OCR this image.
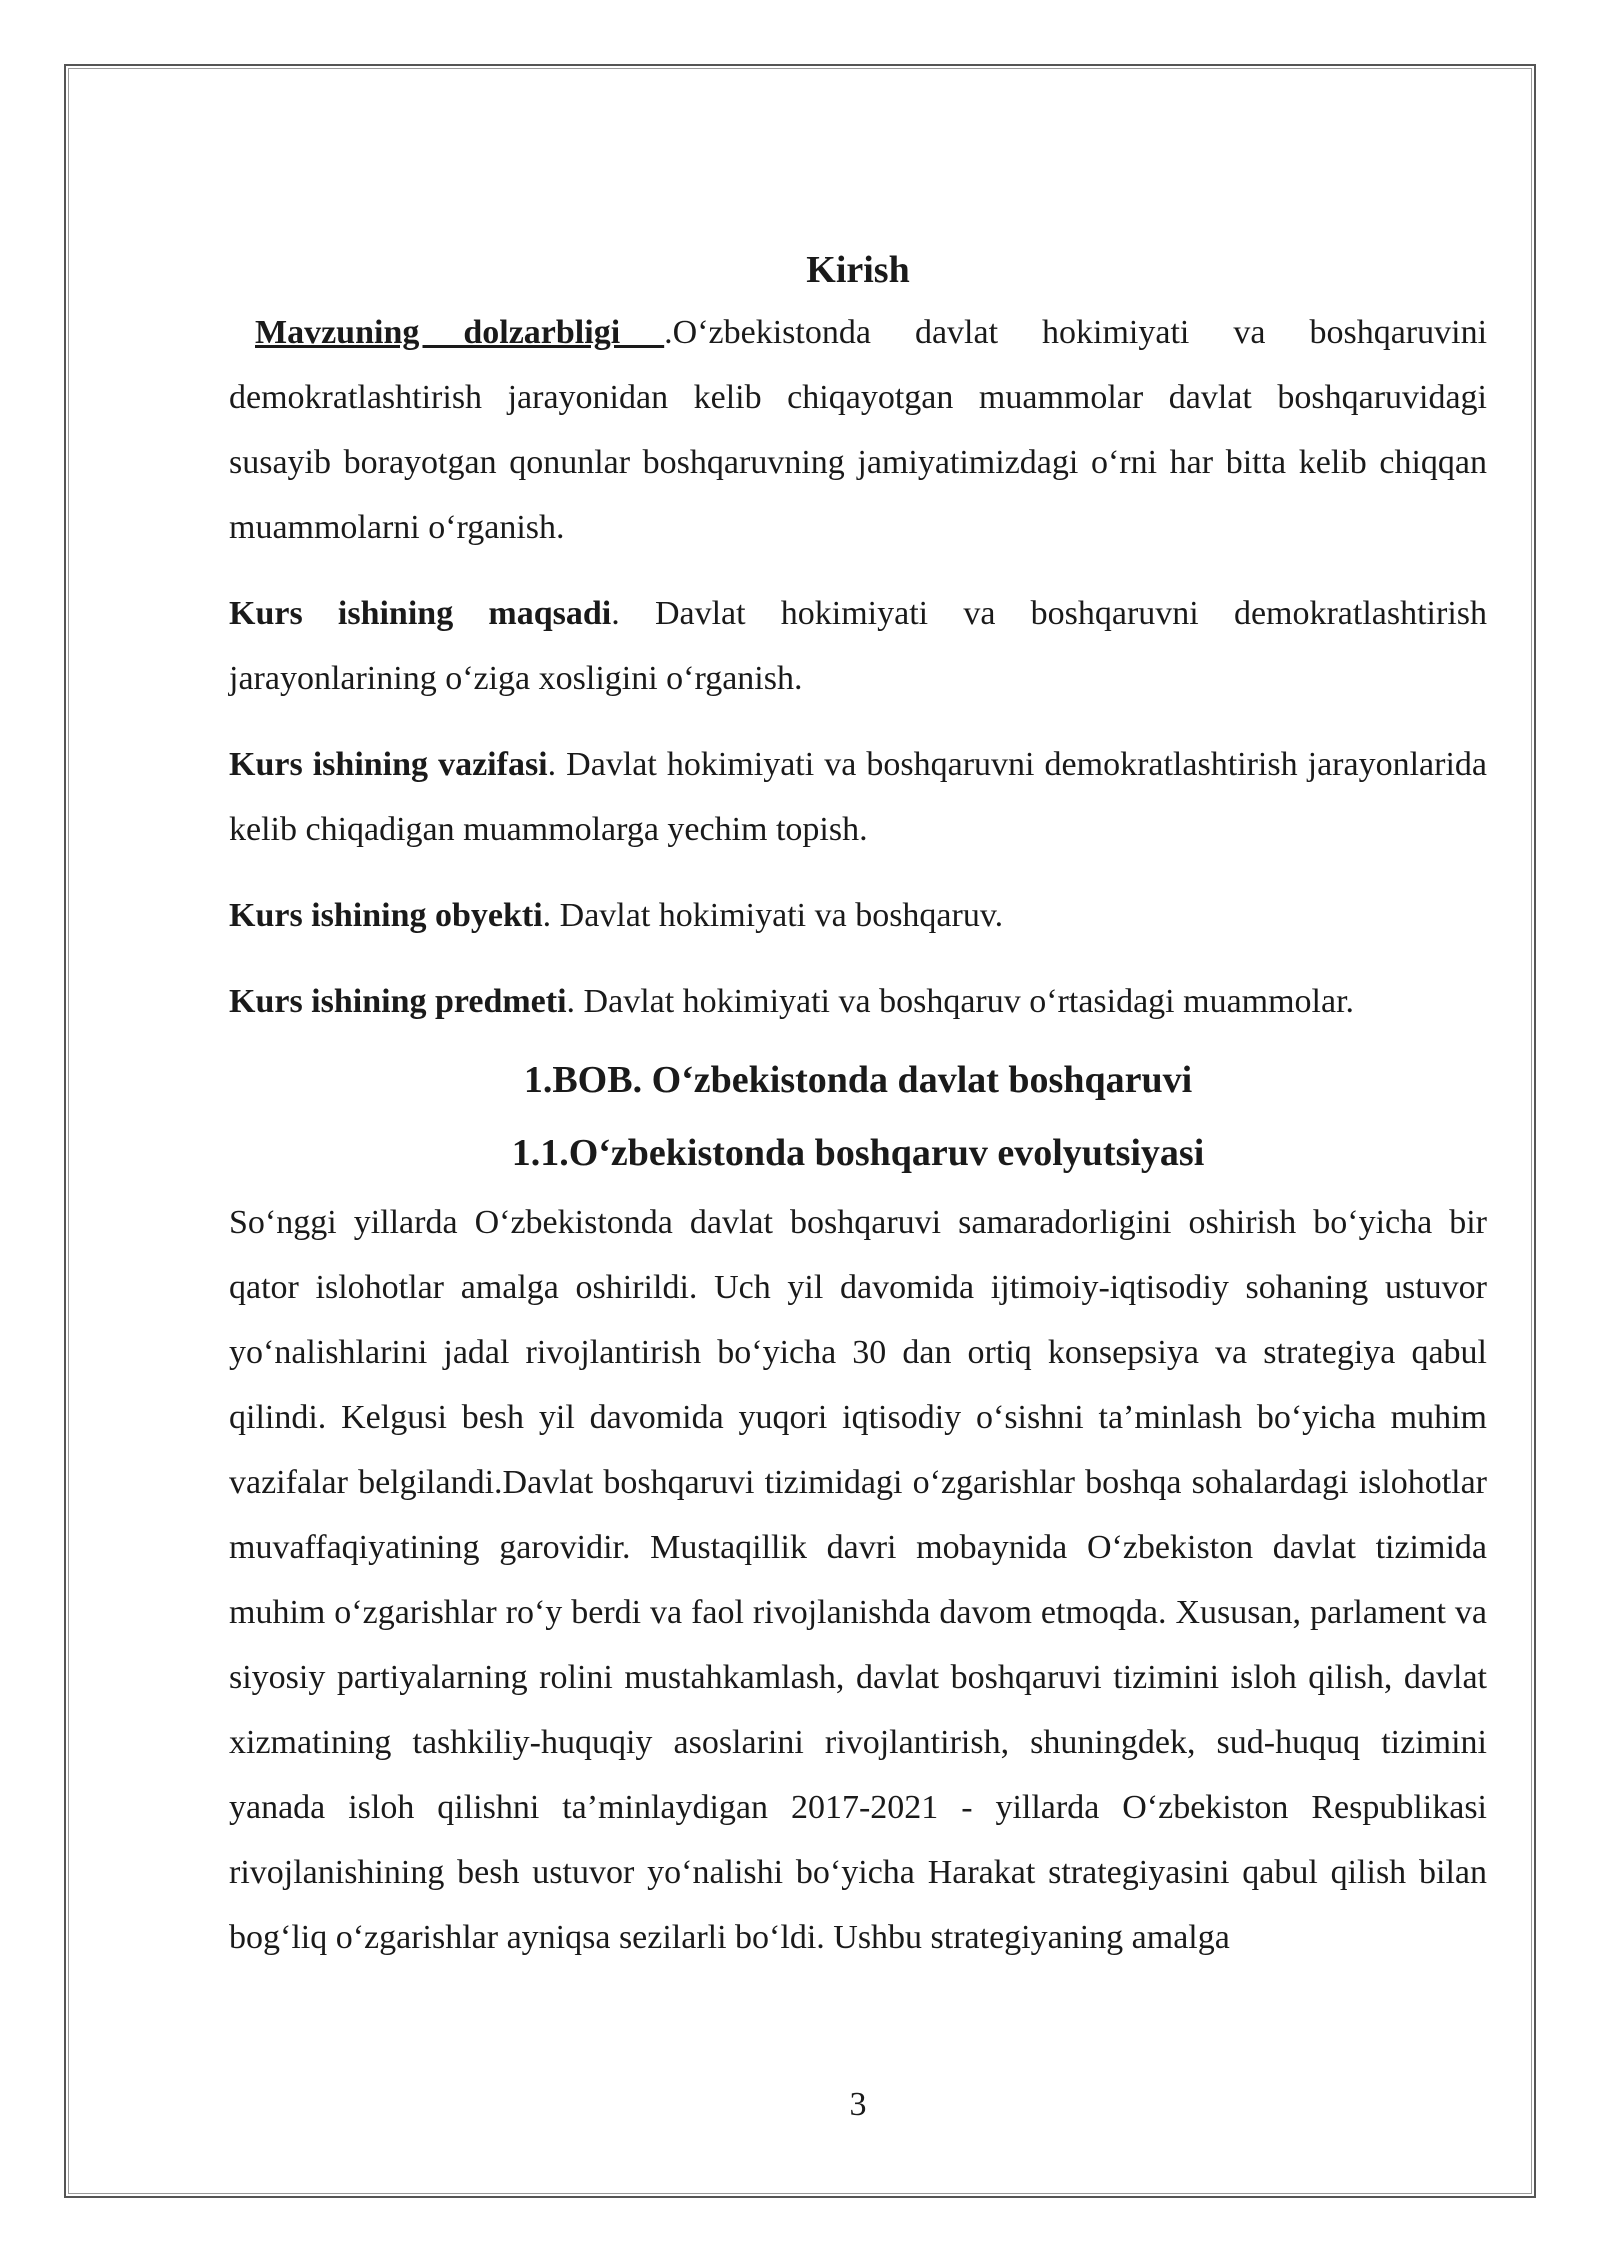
Kirish

Mavzuning dolzarbligi .O‘zbekistonda davlat hokimiyati va boshqaruvini demokratlashtirish jarayonidan kelib chiqayotgan muammolar davlat boshqaruvidagi susayib borayotgan qonunlar boshqaruvning jamiyatimizdagi o‘rni har bitta kelib chiqqan muammolarni o‘rganish.

Kurs ishining maqsadi. Davlat hokimiyati va boshqaruvni demokratlashtirish jarayonlarining o‘ziga xosligini o‘rganish.

Kurs ishining vazifasi. Davlat hokimiyati va boshqaruvni demokratlashtirish jarayonlarida kelib chiqadigan muammolarga yechim topish.

Kurs ishining obyekti. Davlat hokimiyati va boshqaruv.

Kurs ishining predmeti. Davlat hokimiyati va boshqaruv o‘rtasidagi muammolar.

1.BOB. O‘zbekistonda davlat boshqaruvi
1.1.O‘zbekistonda boshqaruv evolyutsiyasi

So‘nggi yillarda O‘zbekistonda davlat boshqaruvi samaradorligini oshirish bo‘yicha bir qator islohotlar amalga oshirildi. Uch yil davomida ijtimoiy-iqtisodiy sohaning ustuvor yo‘nalishlarini jadal rivojlantirish bo‘yicha 30 dan ortiq konsepsiya va strategiya qabul qilindi. Kelgusi besh yil davomida yuqori iqtisodiy o‘sishni ta’minlash bo‘yicha muhim vazifalar belgilandi.Davlat boshqaruvi tizimidagi o‘zgarishlar boshqa sohalardagi islohotlar muvaffaqiyatining garovidir. Mustaqillik davri mobaynida O‘zbekiston davlat tizimida muhim o‘zgarishlar ro‘y berdi va faol rivojlanishda davom etmoqda. Xususan, parlament va siyosiy partiyalarning rolini mustahkamlash, davlat boshqaruvi tizimini isloh qilish, davlat xizmatining tashkiliy-huquqiy asoslarini rivojlantirish, shuningdek, sud-huquq tizimini yanada isloh qilishni ta’minlaydigan 2017-2021 - yillarda O‘zbekiston Respublikasi rivojlanishining besh ustuvor yo‘nalishi bo‘yicha Harakat strategiyasini qabul qilish bilan bog‘liq o‘zgarishlar ayniqsa sezilarli bo‘ldi. Ushbu strategiyaning amalga

3
